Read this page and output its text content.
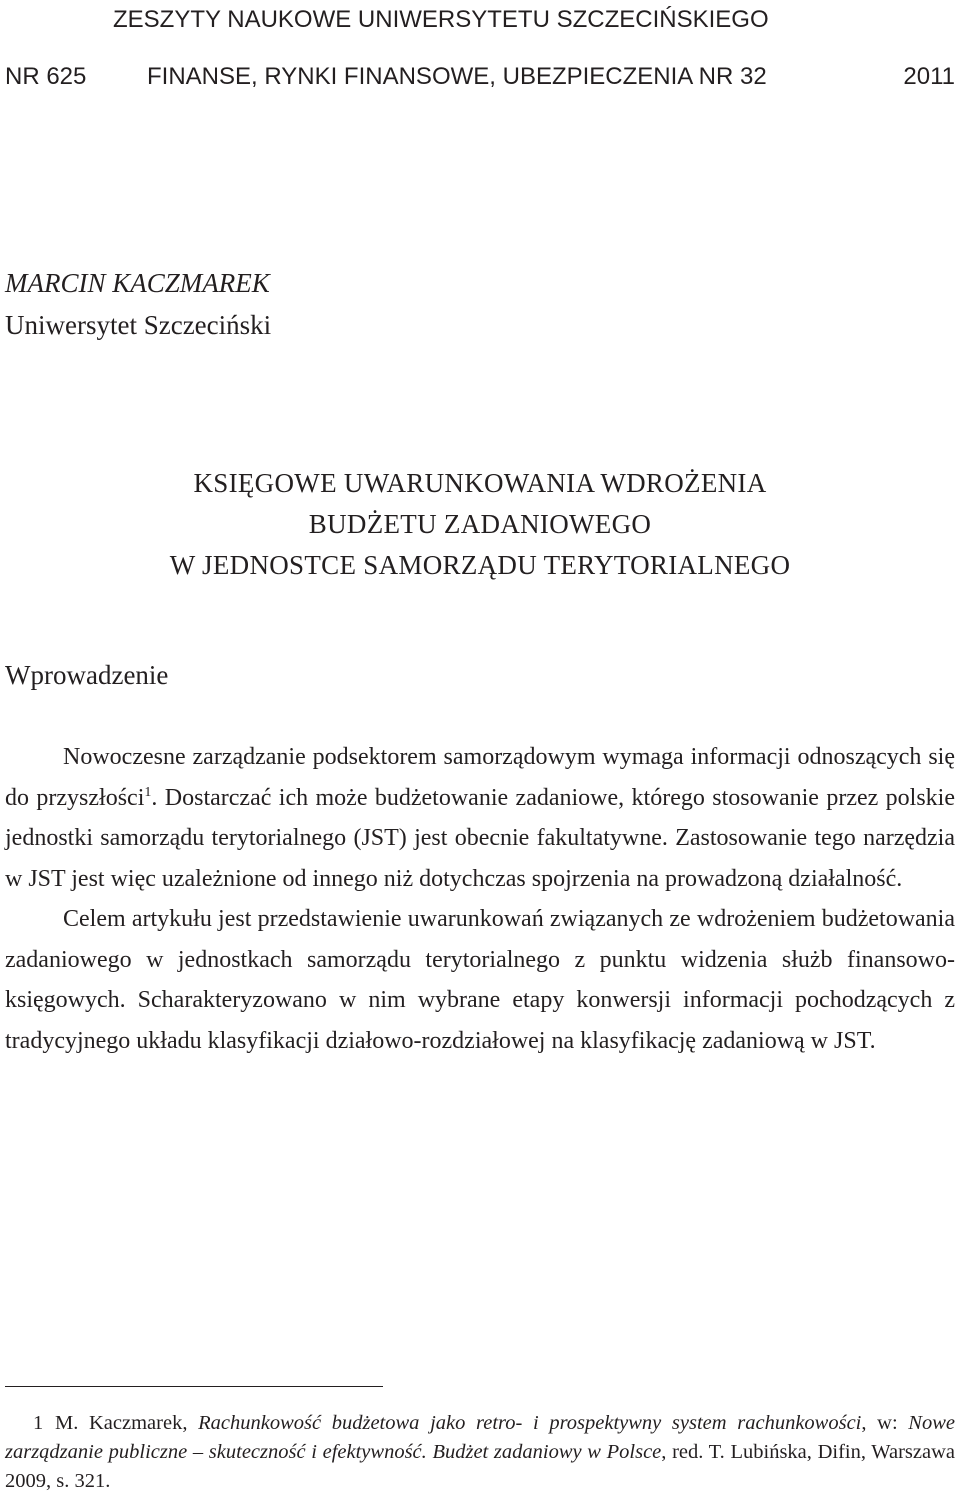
ZESZYTY NAUKOWE UNIWERSYTETU SZCZECIŃSKIEGO
NR 625	FINANSE, RYNKI FINANSOWE, UBEZPIECZENIA NR 32	2011
MARCIN KACZMAREK
Uniwersytet Szczeciński
KSIĘGOWE UWARUNKOWANIA WDROŻENIA
BUDŻETU ZADANIOWEGO
W JEDNOSTCE SAMORZĄDU TERYTORIALNEGO
Wprowadzenie

Nowoczesne zarządzanie podsektorem samorządowym wymaga informacji odnoszących się do przyszłości$^1$. Dostarczać ich może budżetowanie zadaniowe, którego stosowanie przez polskie jednostki samorządu terytorialnego (JST) jest obecnie fakultatywne. Zastosowanie tego narzędzia w JST jest więc uzależnione od innego niż dotychczas spojrzenia na prowadzoną działalność.

Celem artykułu jest przedstawienie uwarunkowań związanych ze wdrożeniem budżetowania zadaniowego w jednostkach samorządu terytorialnego z punktu widzenia służb finansowo-księgowych. Scharakteryzowano w nim wybrane etapy konwersji informacji pochodzących z tradycyjnego układu klasyfikacji działowo-rozdziałowej na klasyfikację zadaniową w JST.

1 M. Kaczmarek, Rachunkowość budżetowa jako retro- i prospektywny system rachunkowości, w: Nowe zarządzanie publiczne – skuteczność i efektywność. Budżet zadaniowy w Polsce, red. T. Lubińska, Difin, Warszawa 2009, s. 321.
